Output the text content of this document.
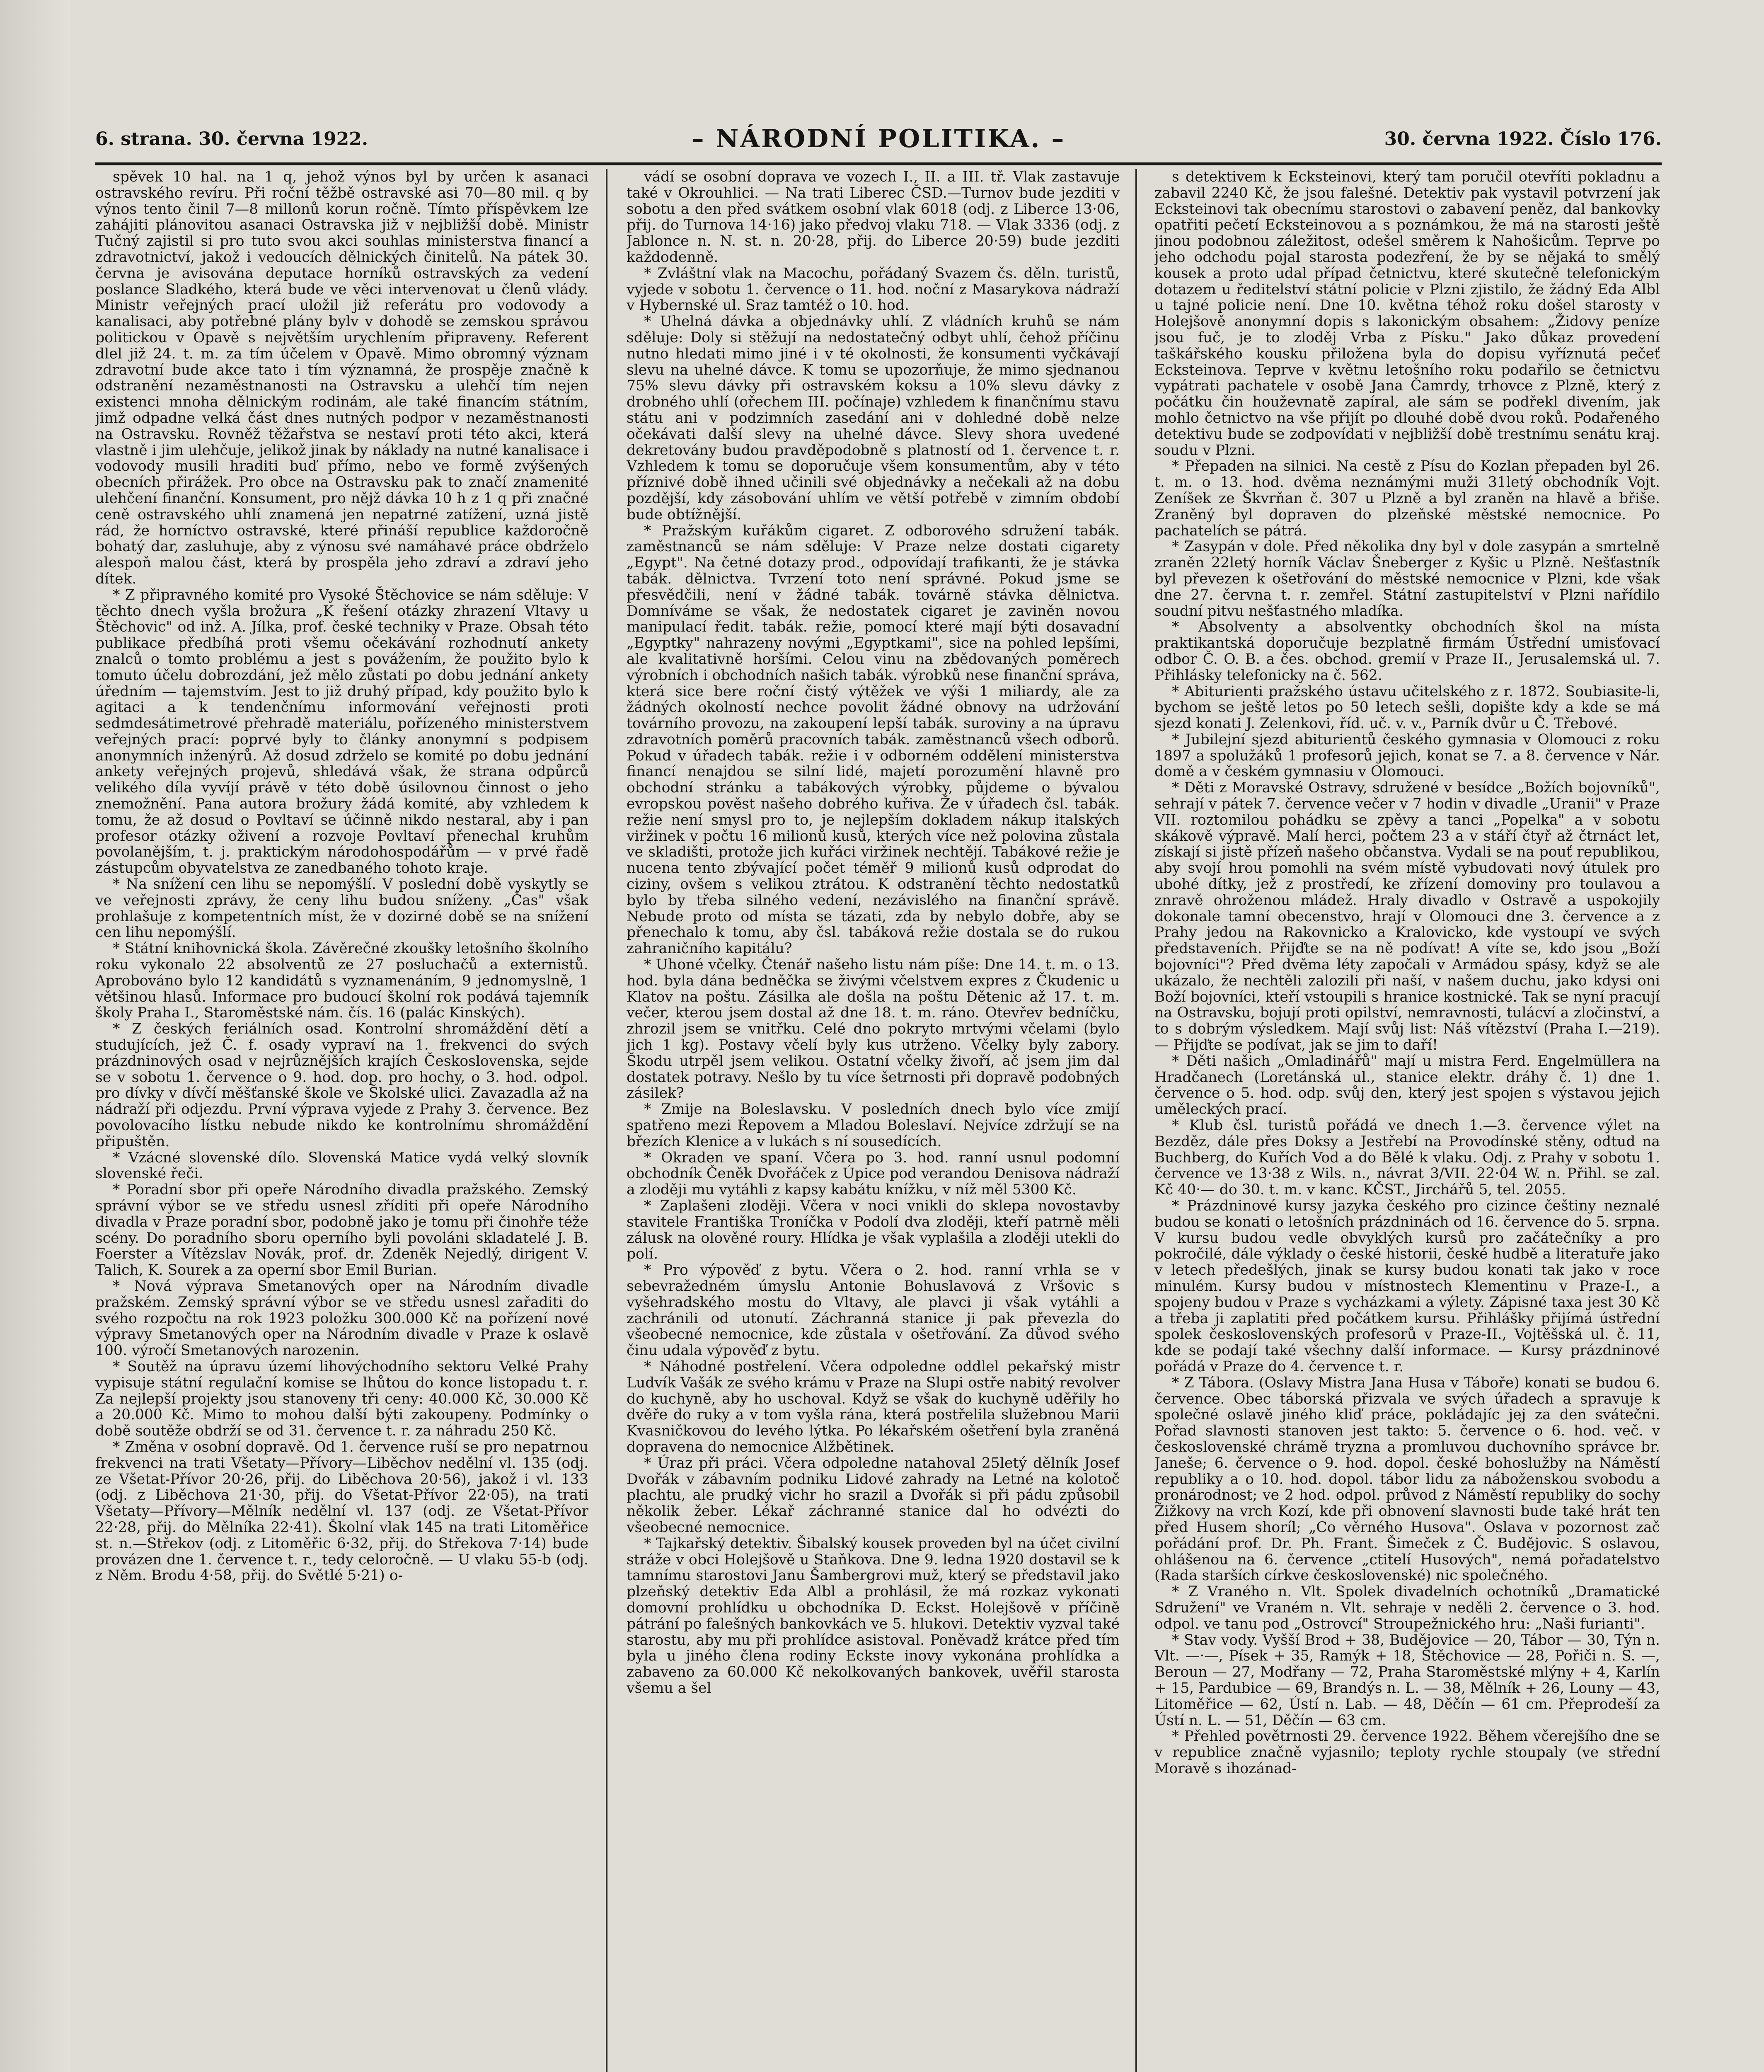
6. strana. 30. června 1922.	– NÁRODNÍ POLITIKA. –	30. června 1922. Číslo 176.

spěvek 10 hal. na 1 q, jehož výnos byl by určen k asanaci ostravského revíru. Při roční těžbě ostravské asi 70—80 mil. q by výnos tento činil 7—8 millonů korun ročně. Tímto příspěvkem lze zahájiti plánovitou asanaci Ostravska již v nejbližší době. Ministr Tučný zajistil si pro tuto svou akci souhlas ministerstva financí a zdravotnictví, jakož i vedoucích dělnických činitelů. Na pátek 30. června je avisována deputace horníků ostravských za vedení poslance Sladkého, která bude ve věci intervenovat u členů vlády. Ministr veřejných prací uložil již referátu pro vodovody a kanalisaci, aby potřebné plány bylv v dohodě se zemskou správou politickou v Opavě s největším urychlením připraveny. Referent dlel již 24. t. m. za tím účelem v Opavě. Mimo obromný význam zdravotní bude akce tato i tím významná, že prospěje značně k odstranění nezaměstnanosti na Ostravsku a ulehčí tím nejen existenci mnoha dělnickým rodinám, ale také financím státním, jimž odpadne velká část dnes nutných podpor v nezaměstnanosti na Ostravsku. Rovněž těžařstva se nestaví proti této akci, která vlastně i jim ulehčuje, jelikož jinak by náklady na nutné kanalisace i vodovody musili hraditi buď přímo, nebo ve formě zvýšených obecních přirážek. Pro obce na Ostravsku pak to značí znamenité ulehčení finanční. Konsument, pro nějž dávka 10 h z 1 q při značné ceně ostravského uhlí znamená jen nepatrné zatížení, uzná jistě rád, že horníctvo ostravské, které přináší republice každoročně bohatý dar, zasluhuje, aby z výnosu své namáhavé práce obdrželo alespoň malou část, která by prospěla jeho zdraví a zdraví jeho dítek.

* Z připravného komité pro Vysoké Štěchovice se nám sděluje: V těchto dnech vyšla brožura „K řešení otázky zhrazení Vltavy u Štěchovic" od inž. A. Jílka, prof. české techniky v Praze. Obsah této publikace předbíhá proti všemu očekávání rozhodnutí ankety znalců o tomto problému a jest s povážením, že použito bylo k tomuto účelu dobrozdání, jež mělo zůstati po dobu jednání ankety úředním — tajemstvím. Jest to již druhý případ, kdy použito bylo k agitaci a k tendenčnímu informování veřejnosti proti sedmdesátimetrové přehradě materiálu, pořízeného ministerstvem veřejných prací: poprvé byly to články anonymní s podpisem anonymních inženýrů. Až dosud zdrželo se komité po dobu jednání ankety veřejných projevů, shledává však, že strana odpůrců velikého díla vyvíjí právě v této době úsilovnou činnost o jeho znemožnění. Pana autora brožury žádá komité, aby vzhledem k tomu, že až dosud o Povltaví se účinně nikdo nestaral, aby i pan profesor otázky oživení a rozvoje Povltaví přenechal kruhům povolanějším, t. j. praktickým národohospodářům — v prvé řadě zástupcům obyvatelstva ze zanedbaného tohoto kraje.

* Na snížení cen lihu se nepomýšlí. V poslední době vyskytly se ve veřejnosti zprávy, že ceny lihu budou sníženy. „Čas" však prohlašuje z kompetentních míst, že v dozirné době se na snížení cen lihu nepomýšlí.

* Státní knihovnická škola. Závěrečné zkoušky letošního školního roku vykonalo 22 absolventů ze 27 posluchačů a externistů. Aprobováno bylo 12 kandidátů s vyznamenáním, 9 jednomyslně, 1 většinou hlasů. Informace pro budoucí školní rok podává tajemník školy Praha I., Staroměstské nám. čís. 16 (palác Kinských).

* Z českých feriálních osad. Kontrolní shromáždění dětí a studujících, jež Č. f. osady vypraví na 1. frekvenci do svých prázdninových osad v nejrůznějších krajích Československa, sejde se v sobotu 1. července o 9. hod. dop. pro hochy, o 3. hod. odpol. pro dívky v dívčí měšťanské škole ve Školské ulici. Zavazadla až na nádraží při odjezdu. První výprava vyjede z Prahy 3. července. Bez povolovacího lístku nebude nikdo ke kontrolnímu shromáždění připuštěn.

* Vzácné slovenské dílo. Slovenská Matice vydá velký slovník slovenské řeči.

* Poradní sbor při opeře Národního divadla pražského. Zemský správní výbor se ve středu usnesl zříditi při opeře Národního divadla v Praze poradní sbor, podobně jako je tomu při činohře téže scény. Do poradního sboru operního byli povoláni skladatelé J. B. Foerster a Vítězslav Novák, prof. dr. Zdeněk Nejedlý, dirigent V. Talich, K. Sourek a za operní sbor Emil Burian.

* Nová výprava Smetanových oper na Národním divadle pražském. Zemský správní výbor se ve středu usnesl zařaditi do svého rozpočtu na rok 1923 položku 300.000 Kč na pořízení nové výpravy Smetanových oper na Národním divadle v Praze k oslavě 100. výročí Smetanových narozenin.

* Soutěž na úpravu území lihovýchodního sektoru Velké Prahy vypisuje státní regulační komise se lhůtou do konce listopadu t. r. Za nejlepší projekty jsou stanoveny tři ceny: 40.000 Kč, 30.000 Kč a 20.000 Kč. Mimo to mohou další býti zakoupeny. Podmínky o době soutěže obdrží se od 31. července t. r. za náhradu 250 Kč.

* Změna v osobní dopravě. Od 1. července ruší se pro nepatrnou frekvenci na trati Všetaty—Přívory—Liběchov nedělní vl. 135 (odj. ze Všetat-Přívor 20·26, přij. do Liběchova 20·56), jakož i vl. 133 (odj. z Liběchova 21·30, přij. do Všetat-Přívor 22·05), na trati Všetaty—Přívory—Mělník nedělní vl. 137 (odj. ze Všetat-Přívor 22·28, přij. do Mělníka 22·41). Školní vlak 145 na trati Litoměřice st. n.—Střekov (odj. z Litoměřic 6·32, přij. do Střekova 7·14) bude provázen dne 1. července t. r., tedy celoročně. — U vlaku 55-b (odj. z Něm. Brodu 4·58, přij. do Světlé 5·21) o-

vádí se osobní doprava ve vozech I., II. a III. tř. Vlak zastavuje také v Okrouhlici. — Na trati Liberec ČSD.—Turnov bude jezditi v sobotu a den před svátkem osobní vlak 6018 (odj. z Liberce 13·06, přij. do Turnova 14·16) jako předvoj vlaku 718. — Vlak 3336 (odj. z Jablonce n. N. st. n. 20·28, přij. do Liberce 20·59) bude jezditi každodenně.

* Zvláštní vlak na Macochu, pořádaný Svazem čs. děln. turistů, vyjede v sobotu 1. července o 11. hod. noční z Masarykova nádraží v Hybernské ul. Sraz tamtéž o 10. hod.

* Uhelná dávka a objednávky uhlí. Z vládních kruhů se nám sděluje: Doly si stěžují na nedostatečný odbyt uhlí, čehož příčinu nutno hledati mimo jiné i v té okolnosti, že konsumenti vyčkávají slevu na uhelné dávce. K tomu se upozorňuje, že mimo sjednanou 75% slevu dávky při ostravském koksu a 10% slevu dávky z drobného uhlí (ořechem III. počínaje) vzhledem k finančnímu stavu státu ani v podzimních zasedání ani v dohledné době nelze očekávati další slevy na uhelné dávce. Slevy shora uvedené dekretovány budou pravděpodobně s platností od 1. července t. r. Vzhledem k tomu se doporučuje všem konsumentům, aby v této příznivé době ihned učinili své objednávky a nečekali až na dobu pozdější, kdy zásobování uhlím ve větší potřebě v zimním období bude obtížnější.

* Pražským kuřákům cigaret. Z odborového sdružení tabák. zaměstnanců se nám sděluje: V Praze nelze dostati cigarety „Egypt". Na četné dotazy prod., odpovídají trafikanti, že je stávka tabák. dělnictva. Tvrzení toto není správné. Pokud jsme se přesvědčili, není v žádné tabák. továrně stávka dělnictva. Domníváme se však, že nedostatek cigaret je zaviněn novou manipulací ředit. tabák. režie, pomocí které mají býti dosavadní „Egyptky" nahrazeny novými „Egyptkami", sice na pohled lepšími, ale kvalitativně horšími. Celou vinu na zbědovaných poměrech výrobních i obchodních našich tabák. výrobků nese finanční správa, která sice bere roční čistý výtěžek ve výši 1 miliardy, ale za žádných okolností nechce povolit žádné obnovy na udržování továrního provozu, na zakoupení lepší tabák. suroviny a na úpravu zdravotních poměrů pracovních tabák. zaměstnanců všech odborů. Pokud v úřadech tabák. režie i v odborném oddělení ministerstva financí nenajdou se silní lidé, majetí porozumění hlavně pro obchodní stránku a tabákových výrobky, půjdeme o bývalou evropskou pověst našeho dobrého kuřiva. Že v úřadech čsl. tabák. režie není smysl pro to, je nejlepším dokladem nákup italských viržinek v počtu 16 milionů kusů, kterých více než polovina zůstala ve skladišti, protože jich kuřáci viržinek nechtějí. Tabákové režie je nucena tento zbývající počet téměř 9 milionů kusů odprodat do ciziny, ovšem s velikou ztrátou. K odstranění těchto nedostatků bylo by třeba silného vedení, nezávislého na finanční správě. Nebude proto od místa se tázati, zda by nebylo dobře, aby se přenechalo k tomu, aby čsl. tabáková režie dostala se do rukou zahraničního kapitálu?

* Uhoné včelky. Čtenář našeho listu nám píše: Dne 14. t. m. o 13. hod. byla dána bedněčka se živými včelstvem expres z Čkudenic u Klatov na poštu. Zásilka ale došla na poštu Dětenic až 17. t. m. večer, kterou jsem dostal až dne 18. t. m. ráno. Otevřev bedníčku, zhrozil jsem se vnitřku. Celé dno pokryto mrtvými včelami (bylo jich 1 kg). Postavy včelí byly kus utrženo. Včelky byly zabory. Škodu utrpěl jsem velikou. Ostatní včelky živoří, ač jsem jim dal dostatek potravy. Nešlo by tu více šetrnosti při dopravě podobných zásilek?

* Zmije na Boleslavsku. V posledních dnech bylo více zmijí spatřeno mezi Řepovem a Mladou Boleslaví. Nejvíce zdržují se na březích Klenice a v lukách s ní sousedících.

* Okraden ve spaní. Včera po 3. hod. ranní usnul podomní obchodník Čeněk Dvořáček z Úpice pod verandou Denisova nádraží a zloději mu vytáhli z kapsy kabátu knížku, v níž měl 5300 Kč.

* Zaplašeni zloději. Včera v noci vnikli do sklepa novostavby stavitele Františka Troníčka v Podolí dva zloději, kteří patrně měli zálusk na olověné roury. Hlídka je však vyplašila a zloději utekli do polí.

* Pro výpověď z bytu. Včera o 2. hod. ranní vrhla se v sebevražedném úmyslu Antonie Bohuslavová z Vršovic s vyšehradského mostu do Vltavy, ale plavci ji však vytáhli a zachránili od utonutí. Záchranná stanice ji pak převezla do všeobecné nemocnice, kde zůstala v ošetřování. Za důvod svého činu udala výpověď z bytu.

* Náhodné postřelení. Včera odpoledne oddlel pekařský mistr Ludvík Vašák ze svého krámu v Praze na Slupi ostře nabitý revolver do kuchyně, aby ho uschoval. Když se však do kuchyně uděřily ho dvěře do ruky a v tom vyšla rána, která postřelila služebnou Marii Kvasničkovou do levého lýtka. Po lékařském ošetření byla zraněná dopravena do nemocnice Alžbětinek.

* Úraz při práci. Včera odpoledne natahoval 25letý dělník Josef Dvořák v zábavním podniku Lidové zahrady na Letné na kolotoč plachtu, ale prudký vichr ho srazil a Dvořák si při pádu způsobil několik žeber. Lékař záchranné stanice dal ho odvézti do všeobecné nemocnice.

* Tajkařský detektiv. Šibalský kousek proveden byl na účet civilní stráže v obci Holejšově u Staňkova. Dne 9. ledna 1920 dostavil se k tamnímu starostovi Janu Šambergrovi muž, který se představil jako plzeňský detektiv Eda Albl a prohlásil, že má rozkaz vykonati domovní prohlídku u obchodníka D. Eckst. Holejšově v příčině pátrání po falešných bankovkách ve 5. hlukovi. Detektiv vyzval také starostu, aby mu při prohlídce asistoval. Poněvadž krátce před tím byla u jiného člena rodiny Eckste inovy vykonána prohlídka a zabaveno za 60.000 Kč nekolkovaných bankovek, uvěřil starosta všemu a šel

s detektivem k Ecksteinovi, který tam poručil otevříti pokladnu a zabavil 2240 Kč, že jsou falešné. Detektiv pak vystavil potvrzení jak Ecksteinovi tak obecnímu starostovi o zabavení peněz, dal bankovky opatřiti pečetí Ecksteinovou a s poznámkou, že má na starosti ještě jinou podobnou záležitost, odešel směrem k Nahošicům. Teprve po jeho odchodu pojal starosta podezření, že by se nějaká to smělý kousek a proto udal případ četnictvu, které skutečně telefonickým dotazem u ředitelství státní policie v Plzni zjistilo, že žádný Eda Albl u tajné policie není. Dne 10. května téhož roku došel starosty v Holejšově anonymní dopis s lakonickým obsahem: „Židovy peníze jsou fuč, je to zloděj Vrba z Písku." Jako důkaz provedení taškářského kousku přiložena byla do dopisu vyříznutá pečeť Ecksteinova. Teprve v květnu letošního roku podařilo se četnictvu vypátrati pachatele v osobě Jana Čamrdy, trhovce z Plzně, který z počátku čin houževnatě zapíral, ale sám se podřekl divením, jak mohlo četnictvo na vše přijít po dlouhé době dvou roků. Podařeného detektivu bude se zodpovídati v nejbližší době trestnímu senátu kraj. soudu v Plzni.

* Přepaden na silnici. Na cestě z Písu do Kozlan přepaden byl 26. t. m. o 13. hod. dvěma neznámými muži 31letý obchodník Vojt. Zeníšek ze Škvrňan č. 307 u Plzně a byl zraněn na hlavě a břiše. Zraněný byl dopraven do plzeňské městské nemocnice. Po pachatelích se pátrá.

* Zasypán v dole. Před několika dny byl v dole zasypán a smrtelně zraněn 22letý horník Václav Šneberger z Kyšic u Plzně. Nešťastník byl převezen k ošetřování do městské nemocnice v Plzni, kde však dne 27. června t. r. zemřel. Státní zastupitelství v Plzni nařídilo soudní pitvu nešťastného mladíka.

* Absolventy a absolventky obchodních škol na místa praktikantská doporučuje bezplatně firmám Ústřední umisťovací odbor Č. O. B. a čes. obchod. gremií v Praze II., Jerusalemská ul. 7. Přihlásky telefonicky na č. 562.

* Abiturienti pražského ústavu učitelského z r. 1872. Soubiasite-li, bychom se ještě letos po 50 letech sešli, dopište kdy a kde se má sjezd konati J. Zelenkovi, říd. uč. v. v., Parník dvůr u Č. Třebové.

* Jubilejní sjezd abiturientů českého gymnasia v Olomouci z roku 1897 a spolužáků 1 profesorů jejich, konat se 7. a 8. července v Nár. domě a v českém gymnasiu v Olomouci.

* Děti z Moravské Ostravy, sdružené v besídce „Božích bojovníků", sehrají v pátek 7. července večer v 7 hodin v divadle „Uranii" v Praze VII. roztomilou pohádku se zpěvy a tanci „Popelka" a v sobotu skákově výpravě. Malí herci, počtem 23 a v stáří čtyř až čtrnáct let, získají si jistě přízeň našeho občanstva. Vydali se na pouť republikou, aby svojí hrou pomohli na svém místě vybudovati nový útulek pro ubohé dítky, jež z prostředí, ke zřízení domoviny pro toulavou a znravě ohroženou mládež. Hraly divadlo v Ostravě a uspokojily dokonale tamní obecenstvo, hrají v Olomouci dne 3. července a z Prahy jedou na Rakovnicko a Kralovicko, kde vystoupí ve svých představeních. Přijďte se na ně podívat! A víte se, kdo jsou „Boží bojovníci"? Před dvěma léty započali v Armádou spásy, když se ale ukázalo, že nechtěli zalozili při naší, v našem duchu, jako kdysi oni Boží bojovníci, kteří vstoupili s hranice kostnické. Tak se nyní pracují na Ostravsku, bojují proti opilství, nemravnosti, tulácví a zločinství, a to s dobrým výsledkem. Mají svůj list: Náš vítězství (Praha I.—219). — Přijďte se podívat, jak se jim to daří!

* Děti našich „Omladinářů" mají u mistra Ferd. Engelmüllera na Hradčanech (Loretánská ul., stanice elektr. dráhy č. 1) dne 1. července o 5. hod. odp. svůj den, který jest spojen s výstavou jejich uměleckých prací.

* Klub čsl. turistů pořádá ve dnech 1.—3. července výlet na Bezděz, dále přes Doksy a Jestřebí na Provodínské stěny, odtud na Buchberg, do Kuřích Vod a do Bělé k vlaku. Odj. z Prahy v sobotu 1. července ve 13·38 z Wils. n., návrat 3/VII. 22·04 W. n. Přihl. se zal. Kč 40·— do 30. t. m. v kanc. KČST., Jirchářů 5, tel. 2055.

* Prázdninové kursy jazyka českého pro cizince češtiny neznalé budou se konati o letošních prázdninách od 16. července do 5. srpna. V kursu budou vedle obvyklých kursů pro začátečníky a pro pokročilé, dále výklady o české historii, české hudbě a literatuře jako v letech předešlých, jinak se kursy budou konati tak jako v roce minulém. Kursy budou v místnostech Klementinu v Praze-I., a spojeny budou v Praze s vycházkami a výlety. Zápisné taxa jest 30 Kč a třeba ji zaplatiti před počátkem kursu. Přihlášky přijímá ústřední spolek československých profesorů v Praze-II., Vojtěšská ul. č. 11, kde se podají také všechny další informace. — Kursy prázdninové pořádá v Praze do 4. července t. r.

* Z Tábora. (Oslavy Mistra Jana Husa v Táboře) konati se budou 6. července. Obec táborská přizvala ve svých úřadech a spravuje k společné oslavě jiného kliď práce, pokládajíc jej za den svátečni. Pořad slavnosti stanoven jest takto: 5. července o 6. hod. več. v československé chrámě tryzna a promluvou duchovního správce br. Janeše; 6. července o 9. hod. dopol. české bohoslužby na Náměstí republiky a o 10. hod. dopol. tábor lidu za náboženskou svobodu a pronárodnost; ve 2 hod. odpol. průvod z Náměstí republiky do sochy Žižkovy na vrch Kozí, kde při obnovení slavnosti bude také hrát ten před Husem shoríl; „Co věrného Husova". Oslava v pozornost zač pořádání prof. Dr. Ph. Frant. Šimeček z Č. Budějovic. S oslavou, ohlášenou na 6. července „ctitelí Husových", nemá pořadatelstvo (Rada starších církve československé) nic společného.

* Z Vraného n. Vlt. Spolek divadelních ochotníků „Dramatické Sdružení" ve Vraném n. Vlt. sehraje v neděli 2. července o 3. hod. odpol. ve tanu pod „Ostrovcí" Stroupežnického hru: „Naši furianti".

* Stav vody. Vyšší Brod + 38, Budějovice — 20, Tábor — 30, Týn n. Vlt. —·—, Písek + 35, Ramýk + 18, Štěchovice — 28, Pořiči n. S. —, Beroun — 27, Modřany — 72, Praha Staroměstské mlýny + 4, Karlín + 15, Pardubice — 69, Brandýs n. L. — 38, Mělník + 26, Louny — 43, Litoměřice — 62, Ústí n. Lab. — 48, Děčín — 61 cm. Přeprodeší za Ústí n. L. — 51, Děčín — 63 cm.

* Přehled povětrnosti 29. července 1922. Během včerejšího dne se v republice značně vyjasnilo; teploty rychle stoupaly (ve střední Moravě s ihozánad-
